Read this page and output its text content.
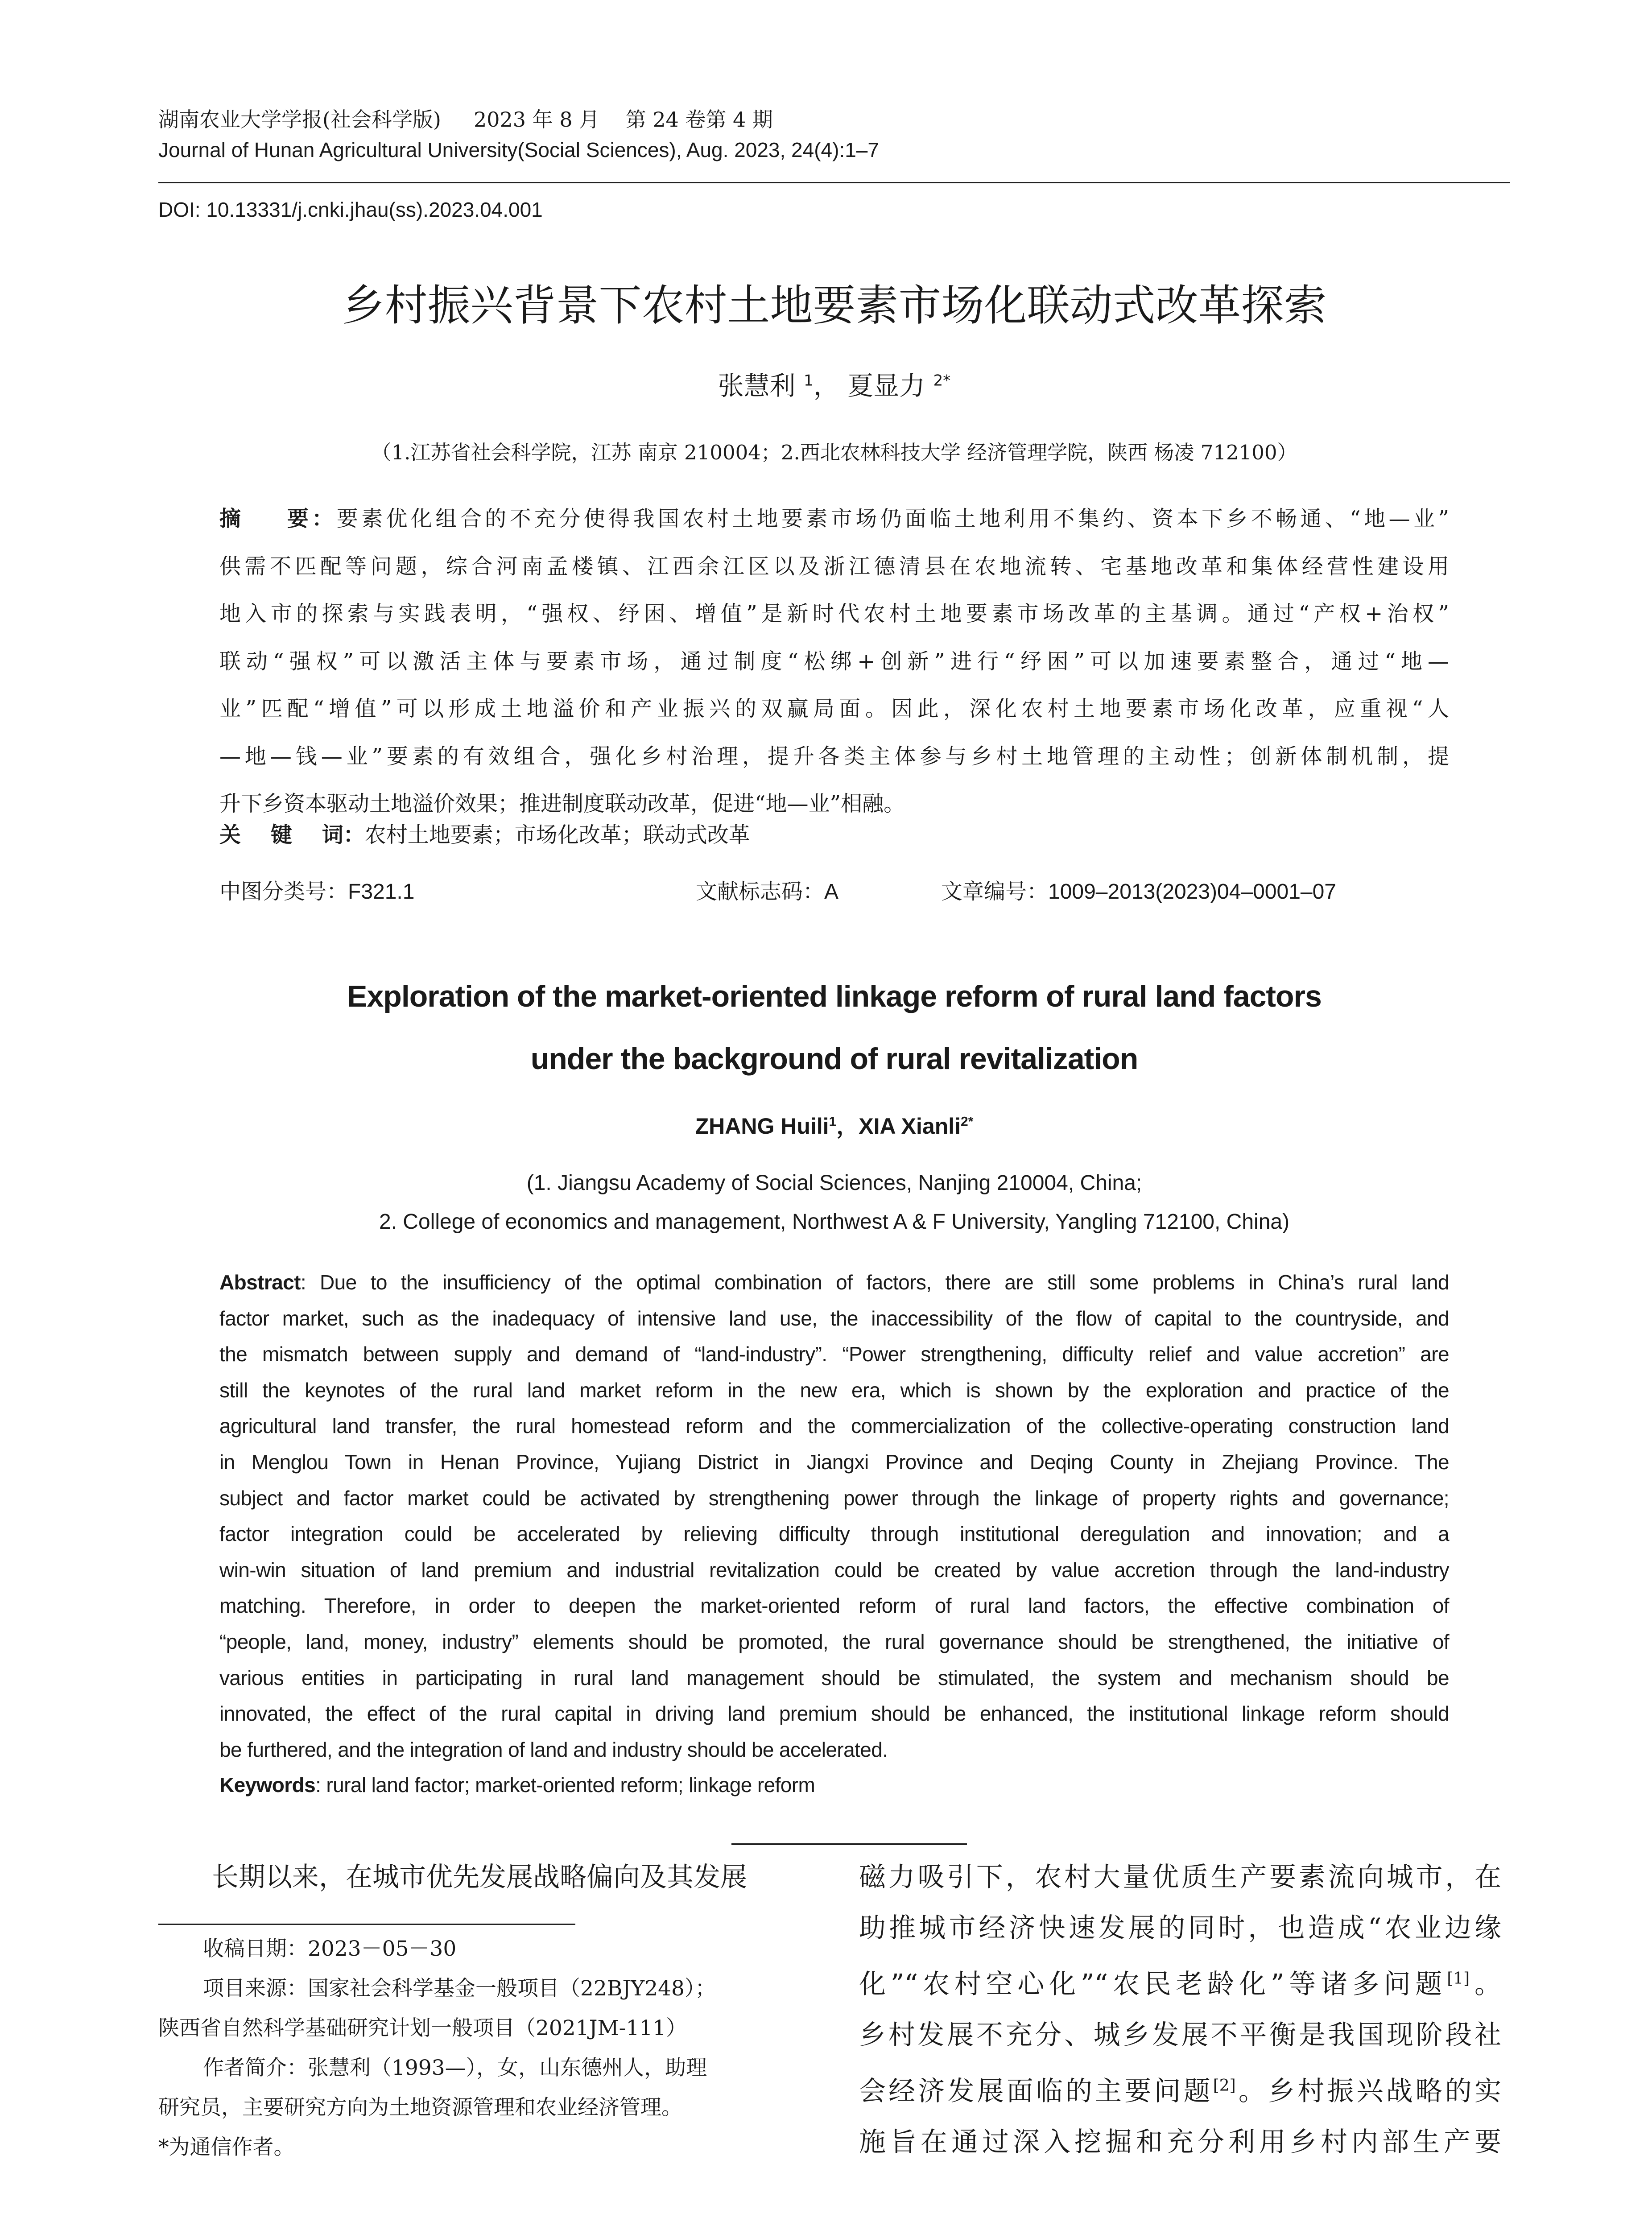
湖南农业大学学报(社会科学版)     2023 年 8 月    第 24 卷第 4 期
Journal of Hunan Agricultural University(Social Sciences), Aug. 2023, 24(4):1–7
DOI: 10.13331/j.cnki.jhau(ss).2023.04.001
乡村振兴背景下农村土地要素市场化联动式改革探索
张慧利 $^1$， 夏显力 $^{2*}$
（1.江苏省社会科学院，江苏 南京 210004；2.西北农林科技大学 经济管理学院，陕西 杨凌 712100）
摘    要：要素优化组合的不充分使得我国农村土地要素市场仍面临土地利用不集约、资本下乡不畅通、“地—业”
供需不匹配等问题，综合河南孟楼镇、江西余江区以及浙江德清县在农地流转、宅基地改革和集体经营性建设用
地入市的探索与实践表明，“强权、纾困、增值”是新时代农村土地要素市场改革的主基调。通过“产权+治权”
联动“强权”可以激活主体与要素市场，通过制度“松绑+创新”进行“纾困”可以加速要素整合，通过“地—
业”匹配“增值”可以形成土地溢价和产业振兴的双赢局面。因此，深化农村土地要素市场化改革，应重视“人
—地—钱—业”要素的有效组合，强化乡村治理，提升各类主体参与乡村土地管理的主动性；创新体制机制，提
升下乡资本驱动土地溢价效果；推进制度联动改革，促进“地—业”相融。
关    键    词：农村土地要素；市场化改革；联动式改革
中图分类号：F321.1	文献标志码：A	文章编号：1009–2013(2023)04–0001–07
Exploration of the market-oriented linkage reform of rural land factors
under the background of rural revitalization
ZHANG Huili$^1$，XIA Xianli$^{2*}$
(1. Jiangsu Academy of Social Sciences, Nanjing 210004, China;
2. College of economics and management, Northwest A & F University, Yangling 712100, China)
Abstract: Due to the insufficiency of the optimal combination of factors, there are still some problems in China’s rural land
factor market, such as the inadequacy of intensive land use, the inaccessibility of the flow of capital to the countryside, and
the mismatch between supply and demand of “land-industry”. “Power strengthening, difficulty relief and value accretion” are
still the keynotes of the rural land market reform in the new era, which is shown by the exploration and practice of the
agricultural land transfer, the rural homestead reform and the commercialization of the collective-operating construction land
in Menglou Town in Henan Province, Yujiang District in Jiangxi Province and Deqing County in Zhejiang Province. The
subject and factor market could be activated by strengthening power through the linkage of property rights and governance;
factor integration could be accelerated by relieving difficulty through institutional deregulation and innovation; and a
win-win situation of land premium and industrial revitalization could be created by value accretion through the land-industry
matching. Therefore, in order to deepen the market-oriented reform of rural land factors, the effective combination of
“people, land, money, industry” elements should be promoted, the rural governance should be strengthened, the initiative of
various entities in participating in rural land management should be stimulated, the system and mechanism should be
innovated, the effect of the rural capital in driving land premium should be enhanced, the institutional linkage reform should
be furthered, and the integration of land and industry should be accelerated.
Keywords: rural land factor; market-oriented reform; linkage reform
长期以来，在城市优先发展战略偏向及其发展
收稿日期：2023－05－30
项目来源：国家社会科学基金一般项目（22BJY248）；
陕西省自然科学基础研究计划一般项目（2021JM-111）
作者简介：张慧利（1993—），女，山东德州人，助理
研究员，主要研究方向为土地资源管理和农业经济管理。
*为通信作者。
磁力吸引下，农村大量优质生产要素流向城市，在
助推城市经济快速发展的同时，也造成“农业边缘
化”“农村空心化”“农民老龄化”等诸多问题[1]。
乡村发展不充分、城乡发展不平衡是我国现阶段社
会经济发展面临的主要问题[2]。乡村振兴战略的实
施旨在通过深入挖掘和充分利用乡村内部生产要
